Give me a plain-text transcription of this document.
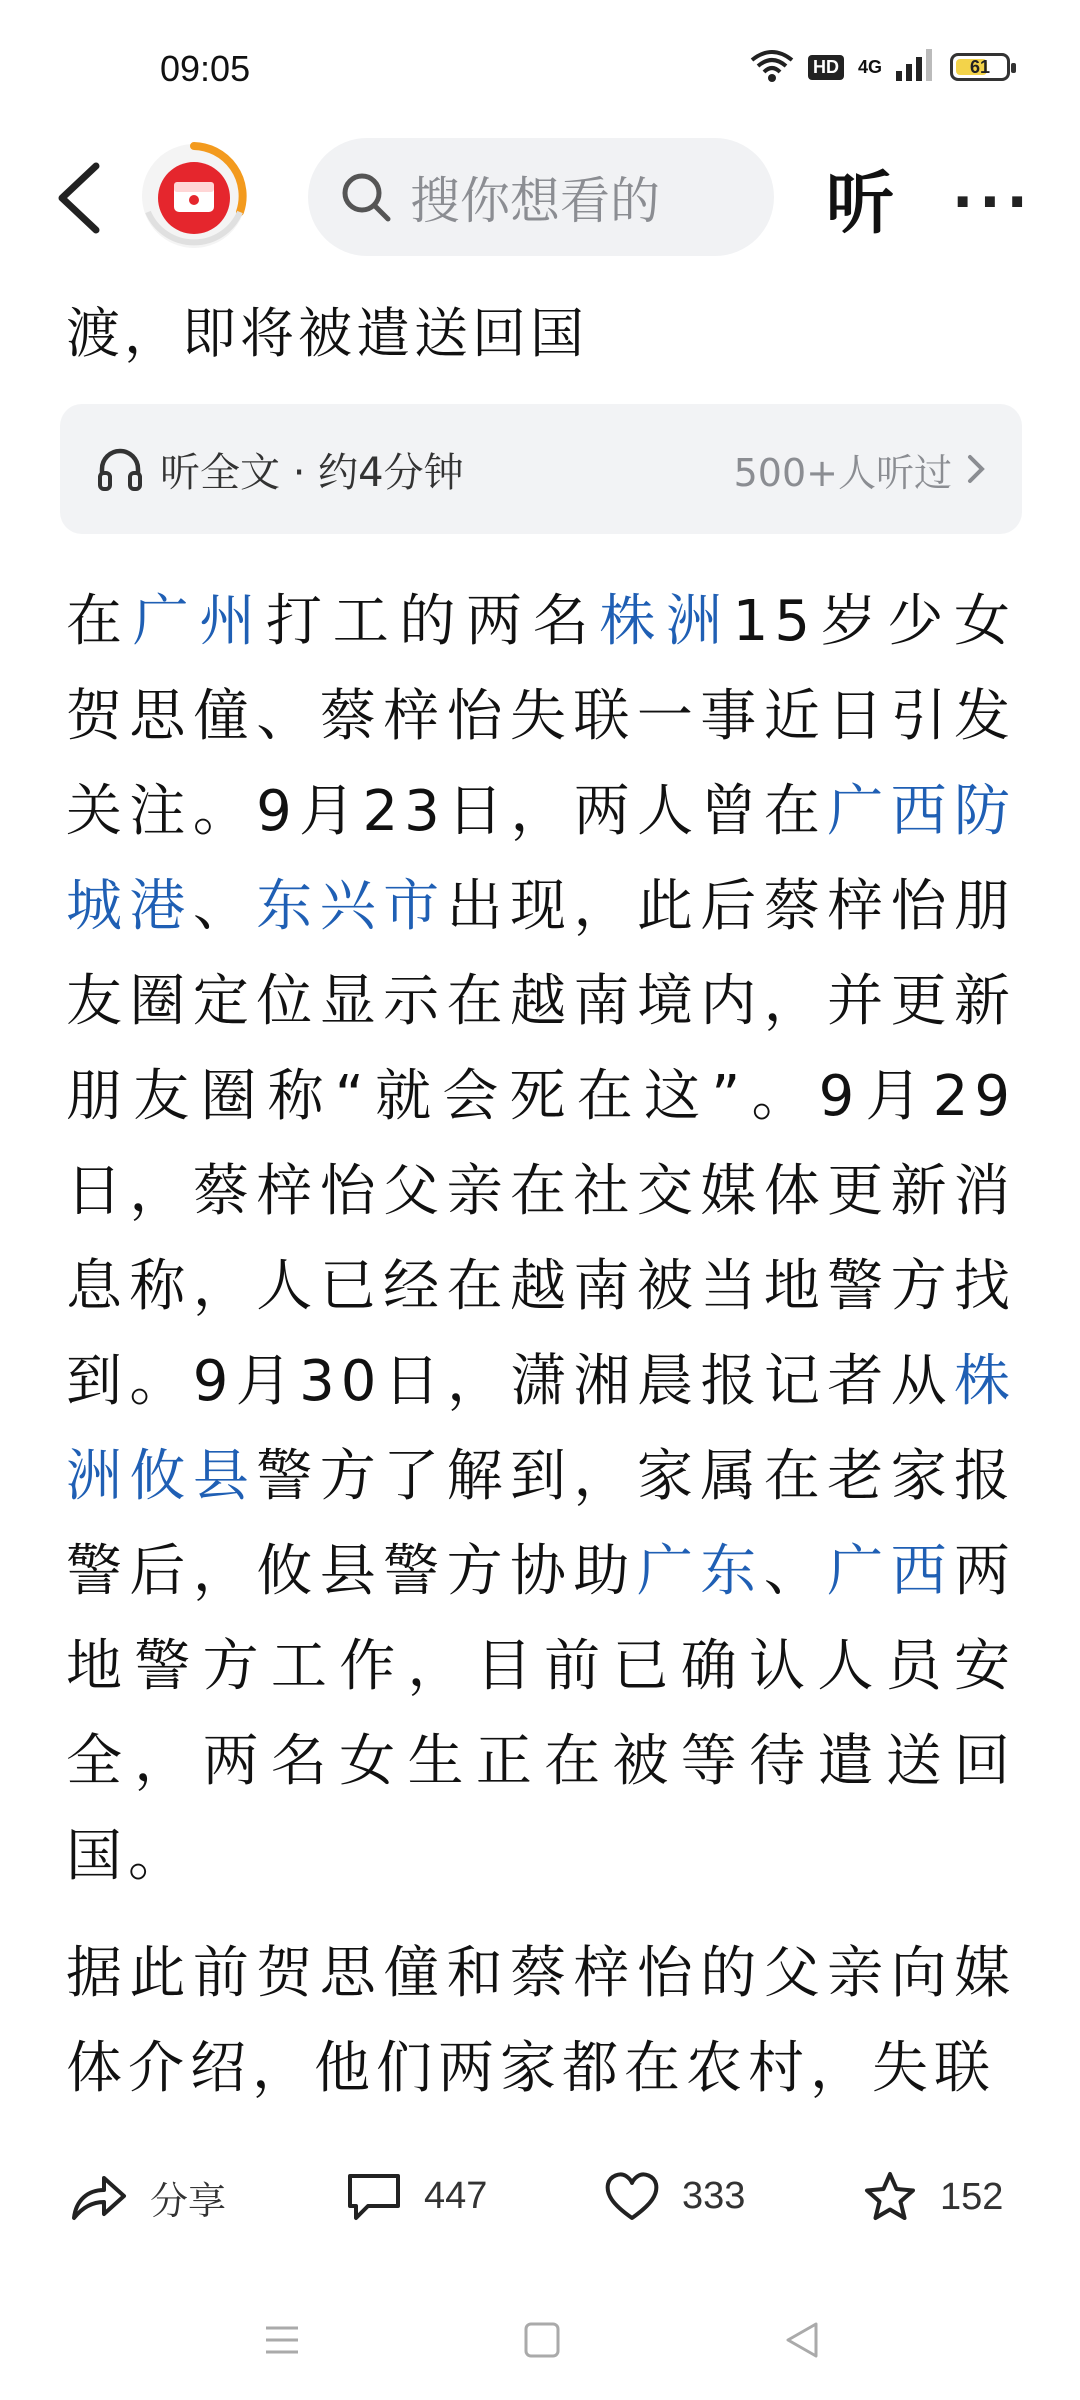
09:05	HD 4G	61
搜你想看的	听 ···

渡，即将被遣送回国

听全文 · 约4分钟	500+人听过

在广州打工的两名株洲15岁少女贺思僮、蔡梓怡失联一事近日引发关注。9月23日，两人曾在广西防城港、东兴市出现，此后蔡梓怡朋友圈定位显示在越南境内，并更新朋友圈称“就会死在这”。9月29日，蔡梓怡父亲在社交媒体更新消息称，人已经在越南被当地警方找到。9月30日，潇湘晨报记者从株洲攸县警方了解到，家属在老家报警后，攸县警方协助广东、广西两地警方工作，目前已确认人员安全，两名女生正在被等待遣送回国。

据此前贺思僮和蔡梓怡的父亲向媒体介绍，他们两家都在农村，失联

分享	447	333	152
